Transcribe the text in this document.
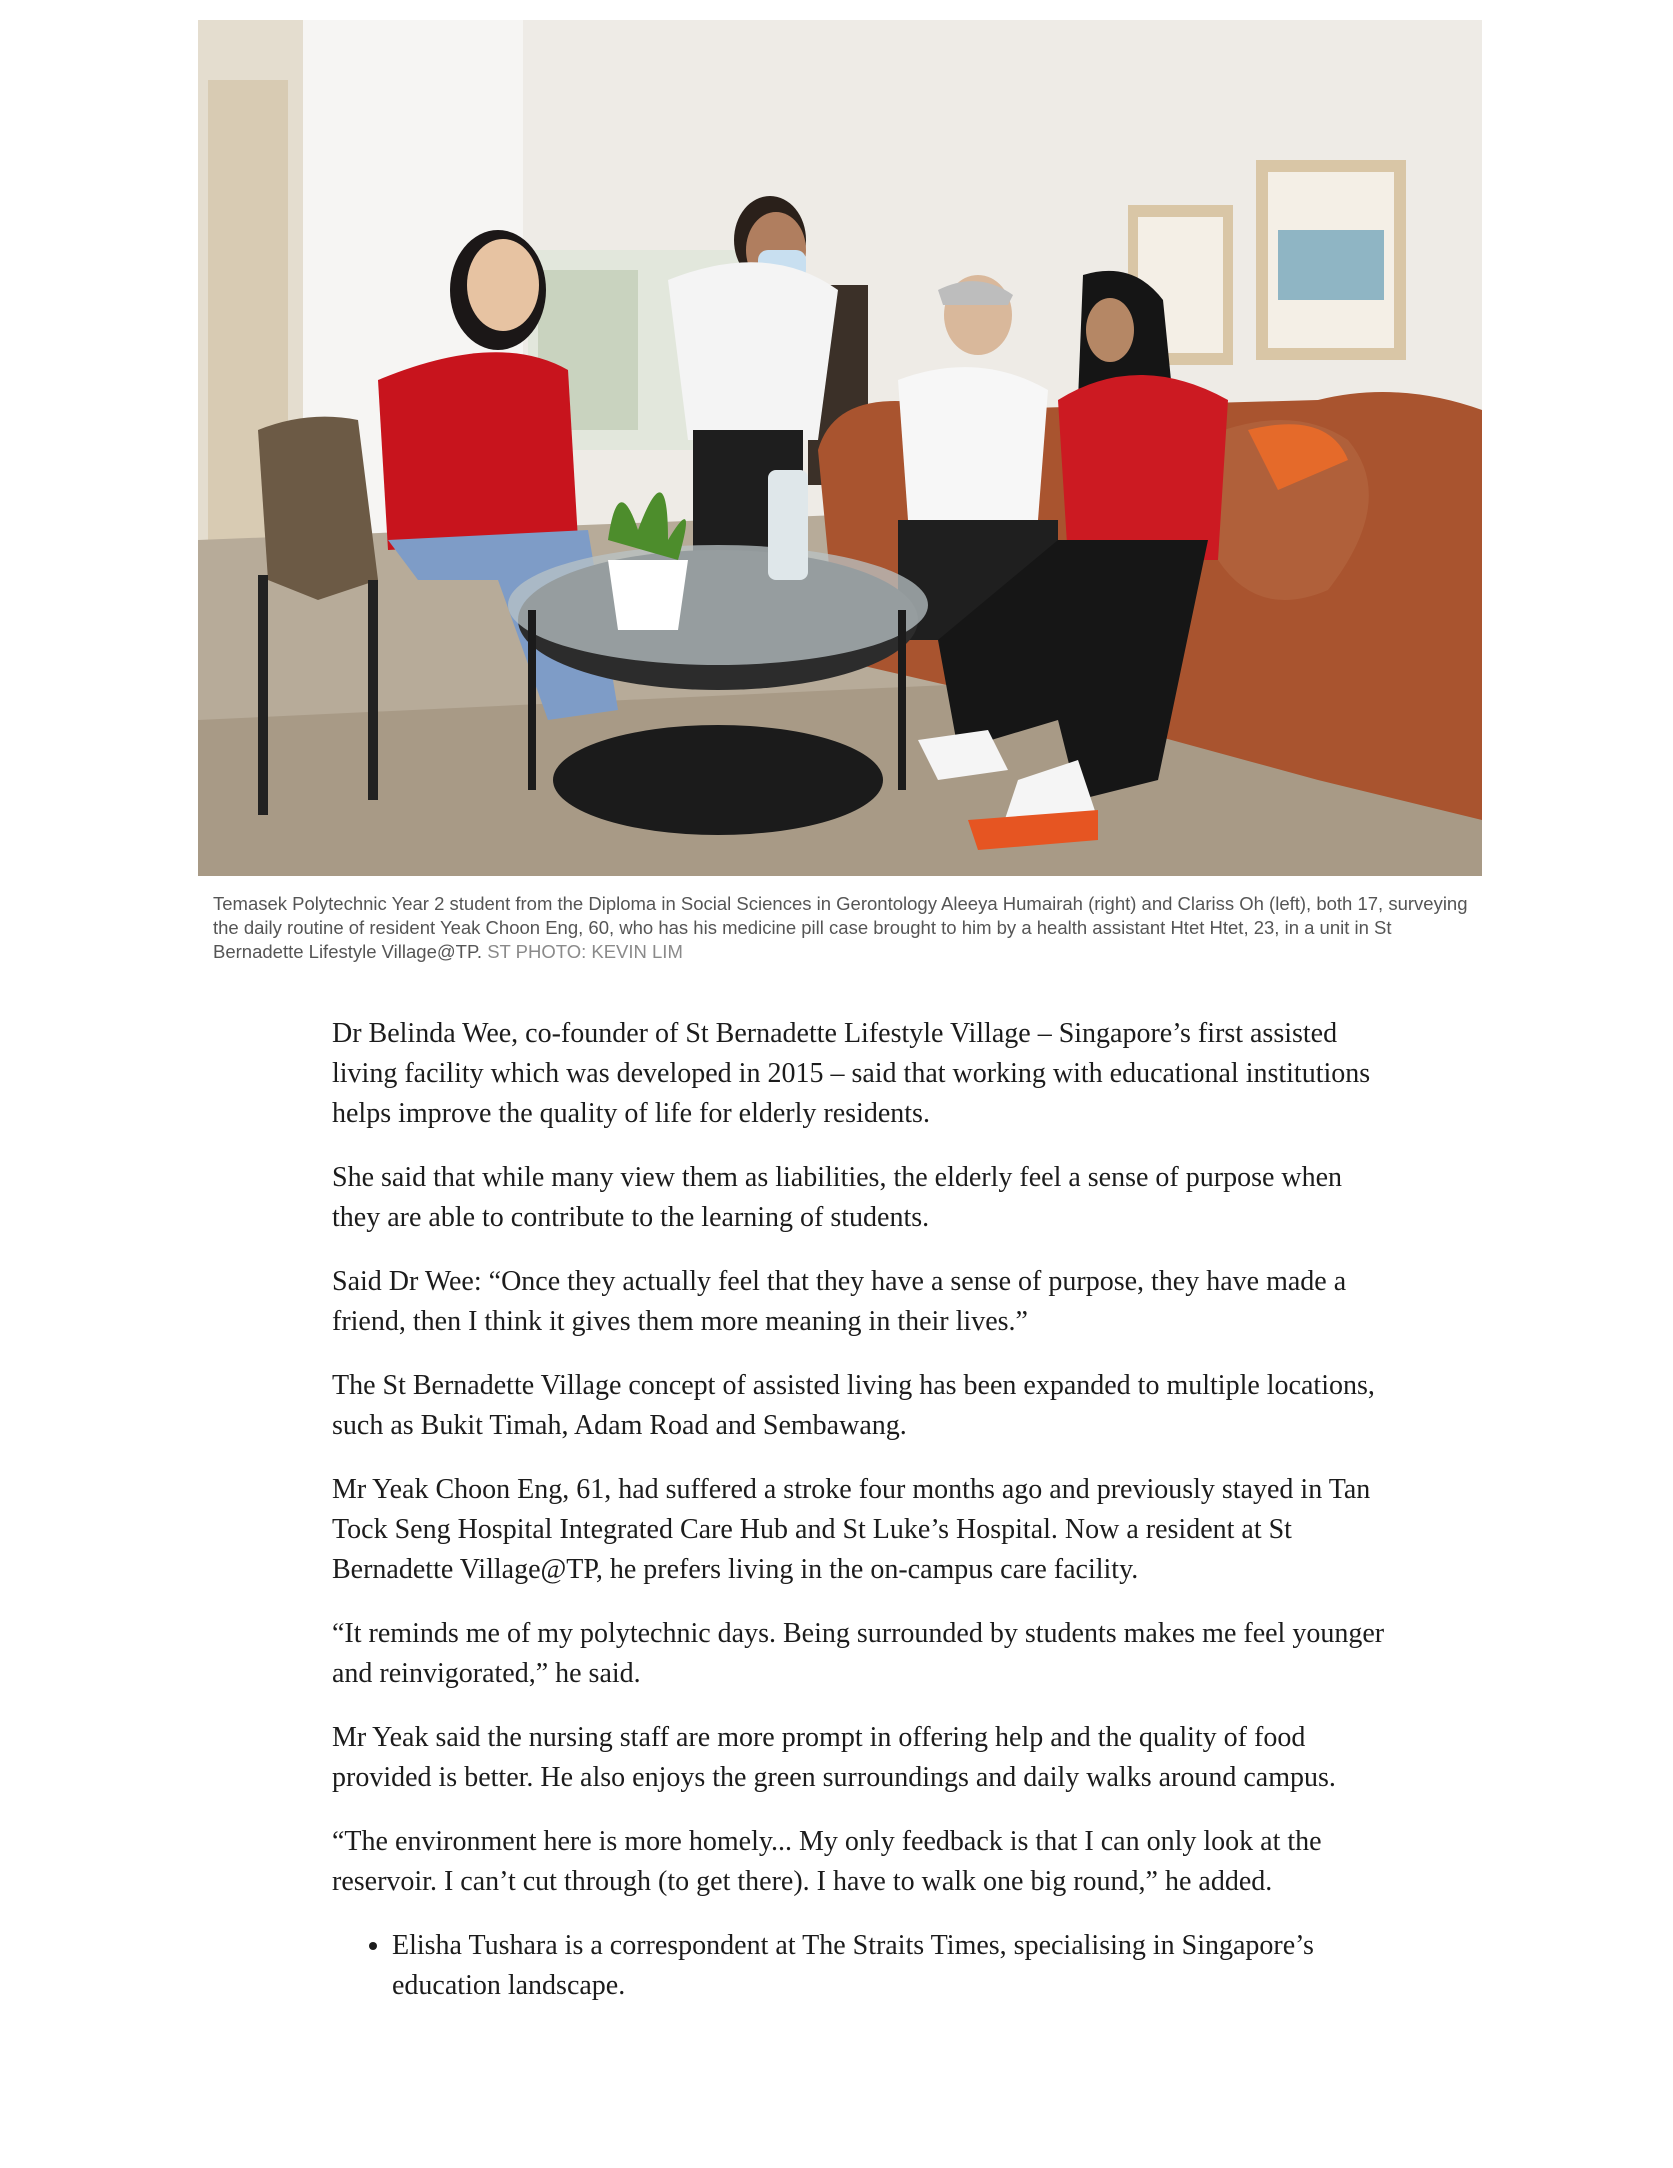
Temasek Polytechnic Year 2 student from the Diploma in Social Sciences in Gerontology Aleeya Humairah (right) and Clariss Oh (left), both 17, surveying the daily routine of resident Yeak Choon Eng, 60, who has his medicine pill case brought to him by a health assistant Htet Htet, 23, in a unit in St Bernadette Lifestyle Village@TP. ST PHOTO: KEVIN LIM

Dr Belinda Wee, co-founder of St Bernadette Lifestyle Village – Singapore’s first assisted living facility which was developed in 2015 – said that working with educational institutions helps improve the quality of life for elderly residents.

She said that while many view them as liabilities, the elderly feel a sense of purpose when they are able to contribute to the learning of students.

Said Dr Wee: “Once they actually feel that they have a sense of purpose, they have made a friend, then I think it gives them more meaning in their lives.”

The St Bernadette Village concept of assisted living has been expanded to multiple locations, such as Bukit Timah, Adam Road and Sembawang.

Mr Yeak Choon Eng, 61, had suffered a stroke four months ago and previously stayed in Tan Tock Seng Hospital Integrated Care Hub and St Luke’s Hospital. Now a resident at St Bernadette Village@TP, he prefers living in the on-campus care facility.

“It reminds me of my polytechnic days. Being surrounded by students makes me feel younger and reinvigorated,” he said.

Mr Yeak said the nursing staff are more prompt in offering help and the quality of food provided is better. He also enjoys the green surroundings and daily walks around campus.

“The environment here is more homely... My only feedback is that I can only look at the reservoir. I can’t cut through (to get there). I have to walk one big round,” he added.

• Elisha Tushara is a correspondent at The Straits Times, specialising in Singapore’s education landscape.
